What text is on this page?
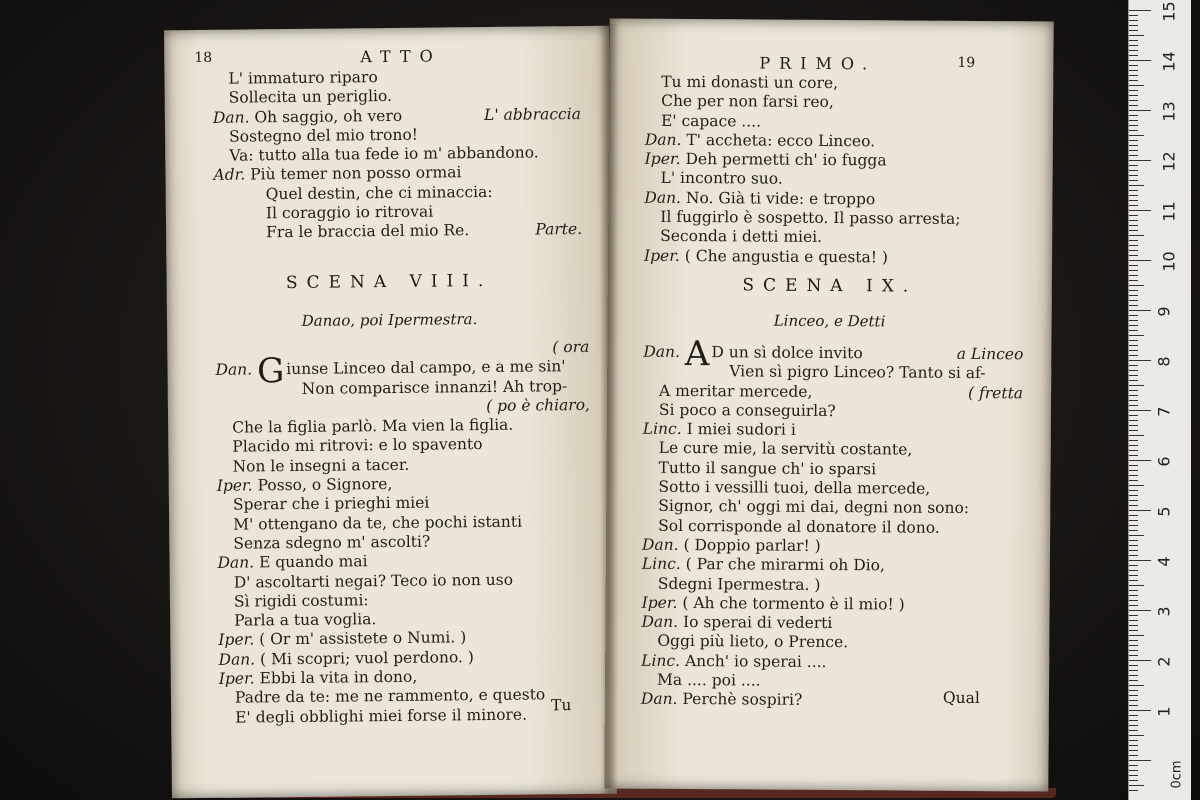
18	ATTO
L' immaturo riparo
Sollecita un periglio.
Dan. Oh saggio, oh vero	L' abbraccia
Sostegno del mio trono!
Va: tutto alla tua fede io m' abbandono.
Adr. Più temer non posso ormai
Quel destin, che ci minaccia:
Il coraggio io ritrovai
Fra le braccia del mio Re.	Parte.
SCENA VIII.
Danao, poi Ipermestra.
( ora
Dan. G iunse Linceo dal campo, e a me sin'
Non comparisce innanzi! Ah trop-
( po è chiaro,
Che la figlia parlò. Ma vien la figlia.
Placido mi ritrovi: e lo spavento
Non le insegni a tacer.
Iper. Posso, o Signore,
Sperar che i prieghi miei
M' ottengano da te, che pochi istanti
Senza sdegno m' ascolti?
Dan. E quando mai
D' ascoltarti negai? Teco io non uso
Sì rigidi costumi:
Parla a tua voglia.
Iper. ( Or m' assistete o Numi. )
Dan. ( Mi scopri; vuol perdono. )
Iper. Ebbi la vita in dono,
Padre da te: me ne rammento, e questo
E' degli obblighi miei forse il minore.
Tu
PRIMO.	19
Tu mi donasti un core,
Che per non farsi reo,
E' capace ....
Dan. T' accheta: ecco Linceo.
Iper. Deh permetti ch' io fugga
L' incontro suo.
Dan. No. Già ti vide: e troppo
Il fuggirlo è sospetto. Il passo arresta;
Seconda i detti miei.
Iper. ( Che angustia e questa! )
SCENA IX.
Linceo, e Detti
Dan. A D un sì dolce invito	a Linceo
Vien sì pigro Linceo? Tanto si af-
A meritar mercede,	( fretta
Si poco a conseguirla?
Linc. I miei sudori i
Le cure mie, la servitù costante,
Tutto il sangue ch' io sparsi
Sotto i vessilli tuoi, della mercede,
Signor, ch' oggi mi dai, degni non sono:
Sol corrisponde al donatore il dono.
Dan. ( Doppio parlar! )
Linc. ( Par che mirarmi oh Dio,
Sdegni Ipermestra. )
Iper. ( Ah che tormento è il mio! )
Dan. Io sperai di vederti
Oggi più lieto, o Prence.
Linc. Anch' io sperai ....
Ma .... poi ....
Dan. Perchè sospiri?	Qual
0cm
15
14
13
12
11
10
9
8
7
6
5
4
3
2
1
